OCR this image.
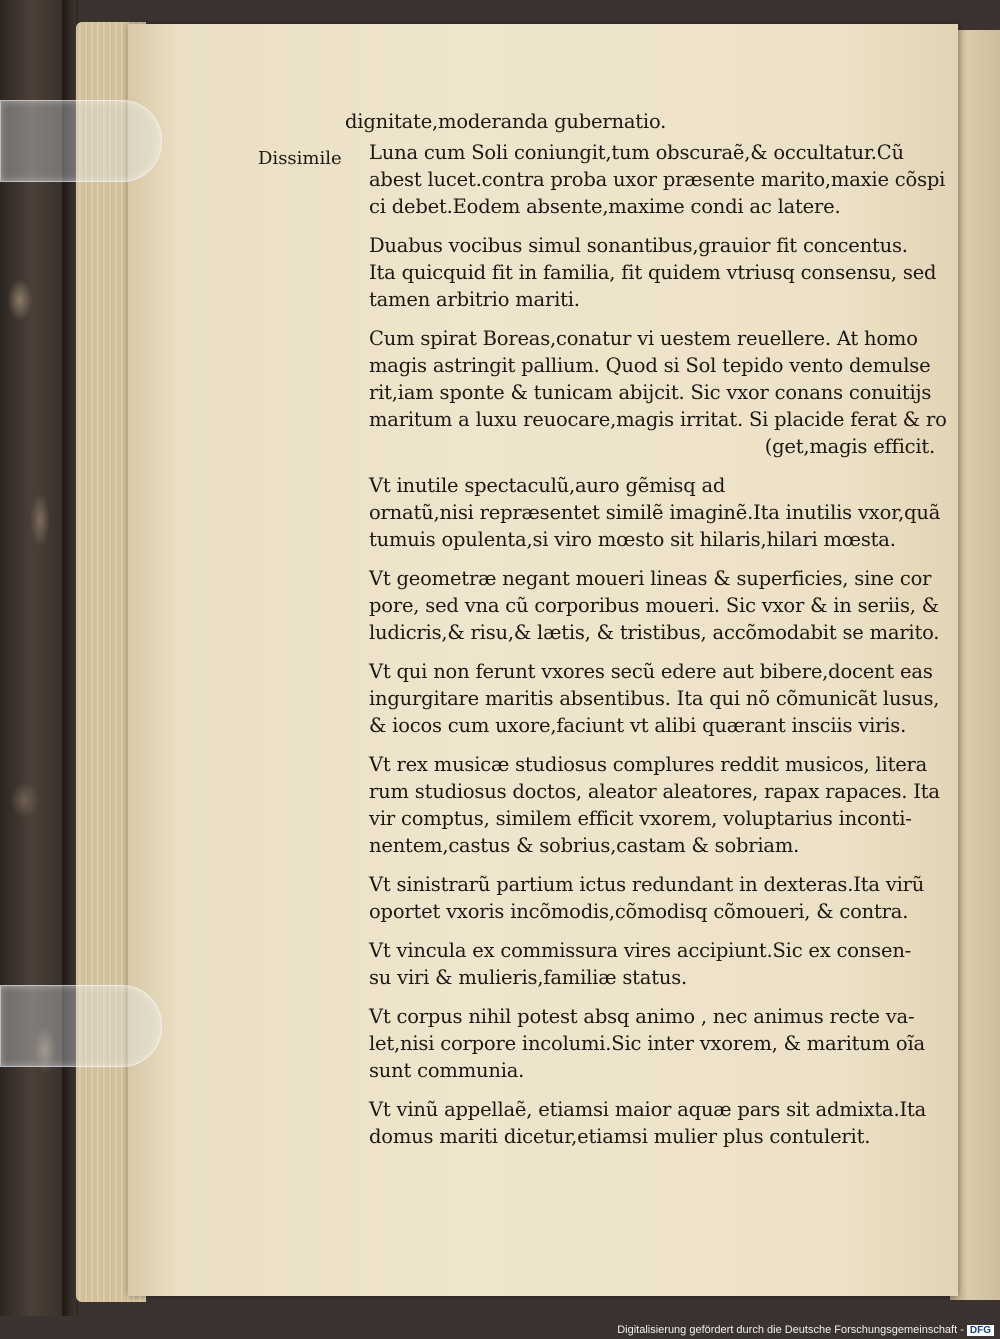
Dissimile

dignitate,moderanda gubernatio.

Luna cum Soli coniungit,tum obscuraẽ,& occultatur.Cũ
abest lucet.contra proba uxor præsente marito,maxie cõspi
ci debet.Eodem absente,maxime condi ac latere.

Duabus vocibus simul sonantibus,grauior fit concentus.
Ita quicquid fit in familia, fit quidem vtriusq consensu, sed
tamen arbitrio mariti.

Cum spirat Boreas,conatur vi uestem reuellere. At homo
magis astringit pallium. Quod si Sol tepido vento demulse
rit,iam sponte & tunicam abijcit. Sic vxor conans conuitijs
maritum a luxu reuocare,magis irritat. Si placide ferat & ro
(get,magis efficit.

Vt inutile spectaculũ,auro gẽmisq ad
ornatũ,nisi repræsentet similẽ imaginẽ.Ita inutilis vxor,quã
tumuis opulenta,si viro mœsto sit hilaris,hilari mœsta.

Vt geometræ negant moueri lineas & superficies, sine cor
pore, sed vna cũ corporibus moueri. Sic vxor & in seriis, &
ludicris,& risu,& lætis, & tristibus, accõmodabit se marito.

Vt qui non ferunt vxores secũ edere aut bibere,docent eas
ingurgitare maritis absentibus. Ita qui nõ cõmunicãt lusus,
& iocos cum uxore,faciunt vt alibi quærant insciis viris.

Vt rex musicæ studiosus complures reddit musicos, litera
rum studiosus doctos, aleator aleatores, rapax rapaces. Ita
vir comptus, similem efficit vxorem, voluptarius inconti-
nentem,castus & sobrius,castam & sobriam.

Vt sinistrarũ partium ictus redundant in dexteras.Ita virũ
oportet vxoris incõmodis,cõmodisq cõmoueri, & contra.

Vt vincula ex commissura vires accipiunt.Sic ex consen-
su viri & mulieris,familiæ status.

Vt corpus nihil potest absq animo , nec animus recte va-
let,nisi corpore incolumi.Sic inter vxorem, & maritum oĩa
sunt communia.

Vt vinũ appellaẽ, etiamsi maior aquæ pars sit admixta.Ita
domus mariti dicetur,etiamsi mulier plus contulerit.

Digitalisierung gefördert durch die Deutsche Forschungsgemeinschaft - DFG
